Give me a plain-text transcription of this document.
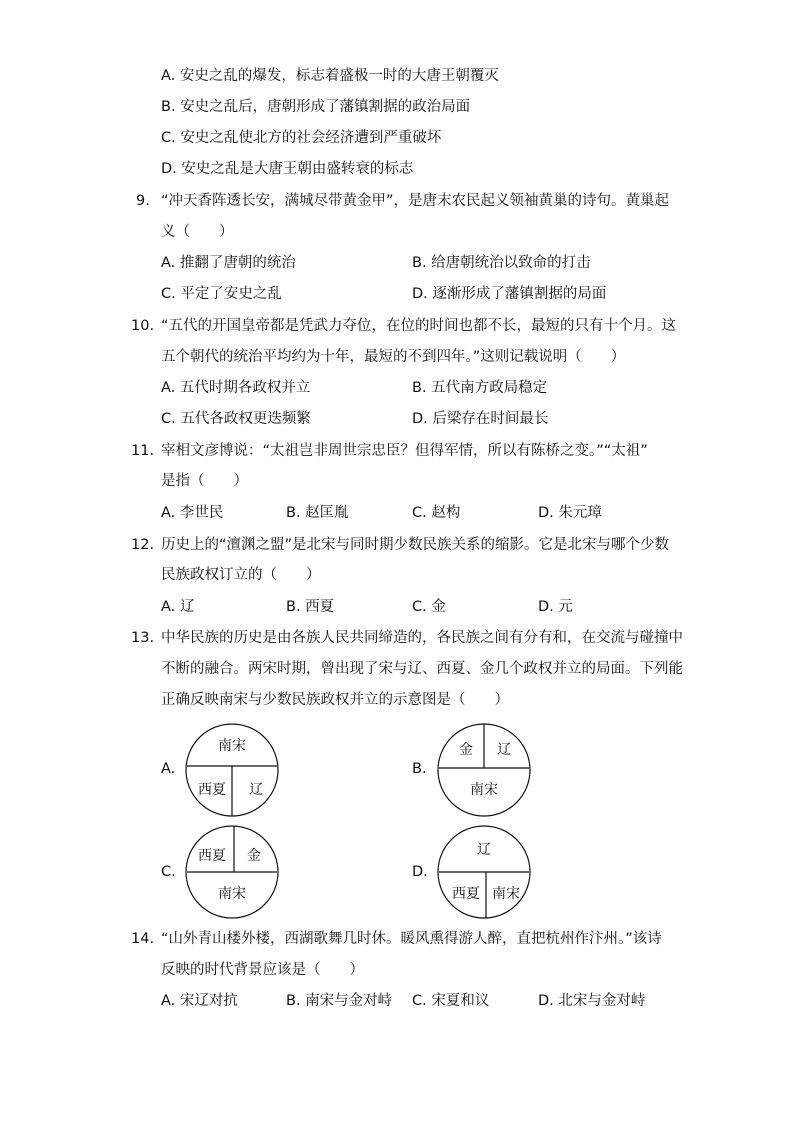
A. 安史之乱的爆发，标志着盛极一时的大唐王朝覆灭
B. 安史之乱后，唐朝形成了藩镇割据的政治局面
C. 安史之乱使北方的社会经济遭到严重破坏
D. 安史之乱是大唐王朝由盛转衰的标志
9. “冲天香阵透长安，满城尽带黄金甲”，是唐末农民起义领袖黄巢的诗句。黄巢起
义（　　）
A. 推翻了唐朝的统治	B. 给唐朝统治以致命的打击
C. 平定了安史之乱	D. 逐渐形成了藩镇割据的局面
10. “五代的开国皇帝都是凭武力夺位，在位的时间也都不长，最短的只有十个月。这
五个朝代的统治平均约为十年，最短的不到四年。”这则记载说明（　　）
A. 五代时期各政权并立	B. 五代南方政局稳定
C. 五代各政权更迭频繁	D. 后梁存在时间最长
11. 宰相文彦博说：“太祖岂非周世宗忠臣？但得军情，所以有陈桥之变。”“太祖”
是指（　　）
A. 李世民	B. 赵匡胤	C. 赵构	D. 朱元璋
12. 历史上的“澶渊之盟”是北宋与同时期少数民族关系的缩影。它是北宋与哪个少数
民族政权订立的（　　）
A. 辽	B. 西夏	C. 金	D. 元
13. 中华民族的历史是由各族人民共同缔造的，各民族之间有分有和，在交流与碰撞中
不断的融合。两宋时期，曾出现了宋与辽、西夏、金几个政权并立的局面。下列能
正确反映南宋与少数民族政权并立的示意图是（　　）
A.
南宋
西夏 辽
B.
金 辽
南宋
C.
西夏 金
南宋
D.
辽
西夏 南宋
14. “山外青山楼外楼，西湖歌舞几时休。暖风熏得游人醉，直把杭州作汴州。”该诗
反映的时代背景应该是（　　）
A. 宋辽对抗	B. 南宋与金对峙 C. 宋夏和议	D. 北宋与金对峙
